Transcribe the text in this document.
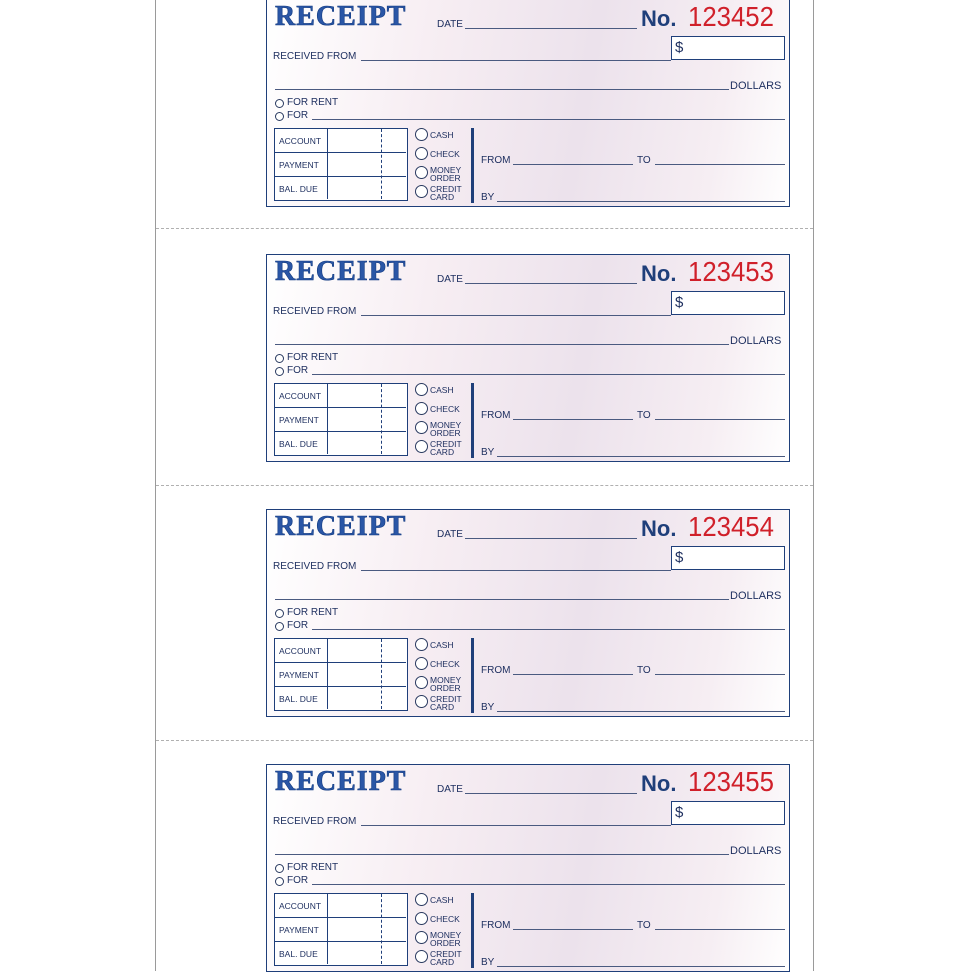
RECEIPT	DATE	No. 123452
$
RECEIVED FROM
DOLLARS
FOR RENT
FOR
ACCOUNT
PAYMENT
BAL. DUE
CASH
CHECK
MONEY
ORDER
CREDIT
CARD
FROM	TO
BY
RECEIPT	DATE	No. 123453
$
RECEIVED FROM
DOLLARS
FOR RENT
FOR
ACCOUNT
PAYMENT
BAL. DUE
CASH
CHECK
MONEY
ORDER
CREDIT
CARD
FROM	TO
BY
RECEIPT	DATE	No. 123454
$
RECEIVED FROM
DOLLARS
FOR RENT
FOR
ACCOUNT
PAYMENT
BAL. DUE
CASH
CHECK
MONEY
ORDER
CREDIT
CARD
FROM	TO
BY
RECEIPT	DATE	No. 123455
$
RECEIVED FROM
DOLLARS
FOR RENT
FOR
ACCOUNT
PAYMENT
BAL. DUE
CASH
CHECK
MONEY
ORDER
CREDIT
CARD
FROM	TO
BY
